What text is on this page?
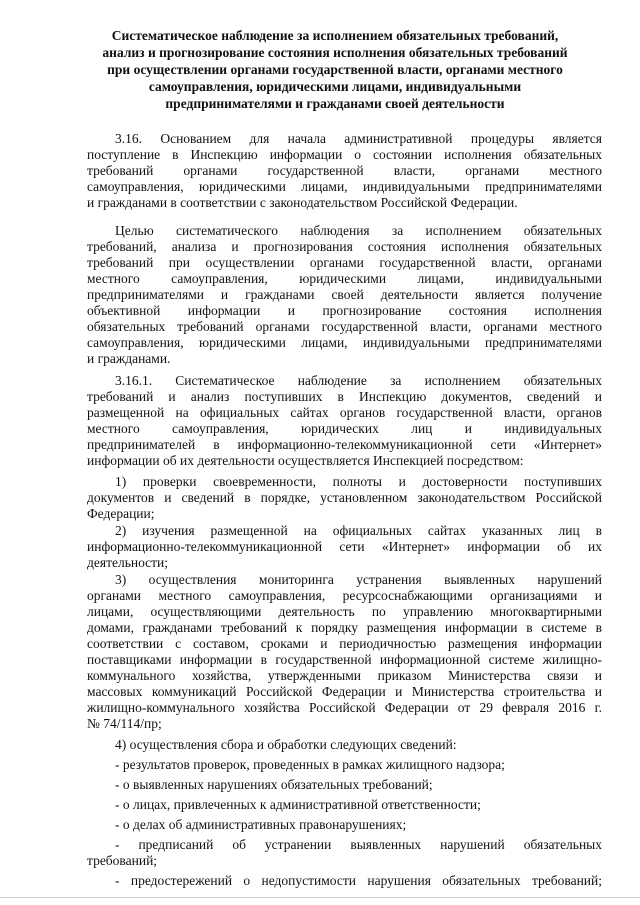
Систематическое наблюдение за исполнением обязательных требований,
анализ и прогнозирование состояния исполнения обязательных требований
при осуществлении органами государственной власти, органами местного
самоуправления, юридическими лицами, индивидуальными
предпринимателями и гражданами своей деятельности
3.16. Основанием для начала административной процедуры является
поступление в Инспекцию информации о состоянии исполнения обязательных
требований органами государственной власти, органами местного
самоуправления, юридическими лицами, индивидуальными предпринимателями
и гражданами в соответствии с законодательством Российской Федерации.
Целью систематического наблюдения за исполнением обязательных
требований, анализа и прогнозирования состояния исполнения обязательных
требований при осуществлении органами государственной власти, органами
местного самоуправления, юридическими лицами, индивидуальными
предпринимателями и гражданами своей деятельности является получение
объективной информации и прогнозирование состояния исполнения
обязательных требований органами государственной власти, органами местного
самоуправления, юридическими лицами, индивидуальными предпринимателями
и гражданами.
3.16.1. Систематическое наблюдение за исполнением обязательных
требований и анализ поступивших в Инспекцию документов, сведений и
размещенной на официальных сайтах органов государственной власти, органов
местного самоуправления, юридических лиц и индивидуальных
предпринимателей в информационно-телекоммуникационной сети «Интернет»
информации об их деятельности осуществляется Инспекцией посредством:
1) проверки своевременности, полноты и достоверности поступивших
документов и сведений в порядке, установленном законодательством Российской
Федерации;
2) изучения размещенной на официальных сайтах указанных лиц в
информационно-телекоммуникационной сети «Интернет» информации об их
деятельности;
3) осуществления мониторинга устранения выявленных нарушений
органами местного самоуправления, ресурсоснабжающими организациями и
лицами, осуществляющими деятельность по управлению многоквартирными
домами, гражданами требований к порядку размещения информации в системе в
соответствии с составом, сроками и периодичностью размещения информации
поставщиками информации в государственной информационной системе жилищно-
коммунального хозяйства, утвержденными приказом Министерства связи и
массовых коммуникаций Российской Федерации и Министерства строительства и
жилищно-коммунального хозяйства Российской Федерации от 29 февраля 2016 г.
№ 74/114/пр;
4) осуществления сбора и обработки следующих сведений:
- результатов проверок, проведенных в рамках жилищного надзора;
- о выявленных нарушениях обязательных требований;
- о лицах, привлеченных к административной ответственности;
- о делах об административных правонарушениях;
- предписаний об устранении выявленных нарушений обязательных
требований;
- предостережений о недопустимости нарушения обязательных требований;
